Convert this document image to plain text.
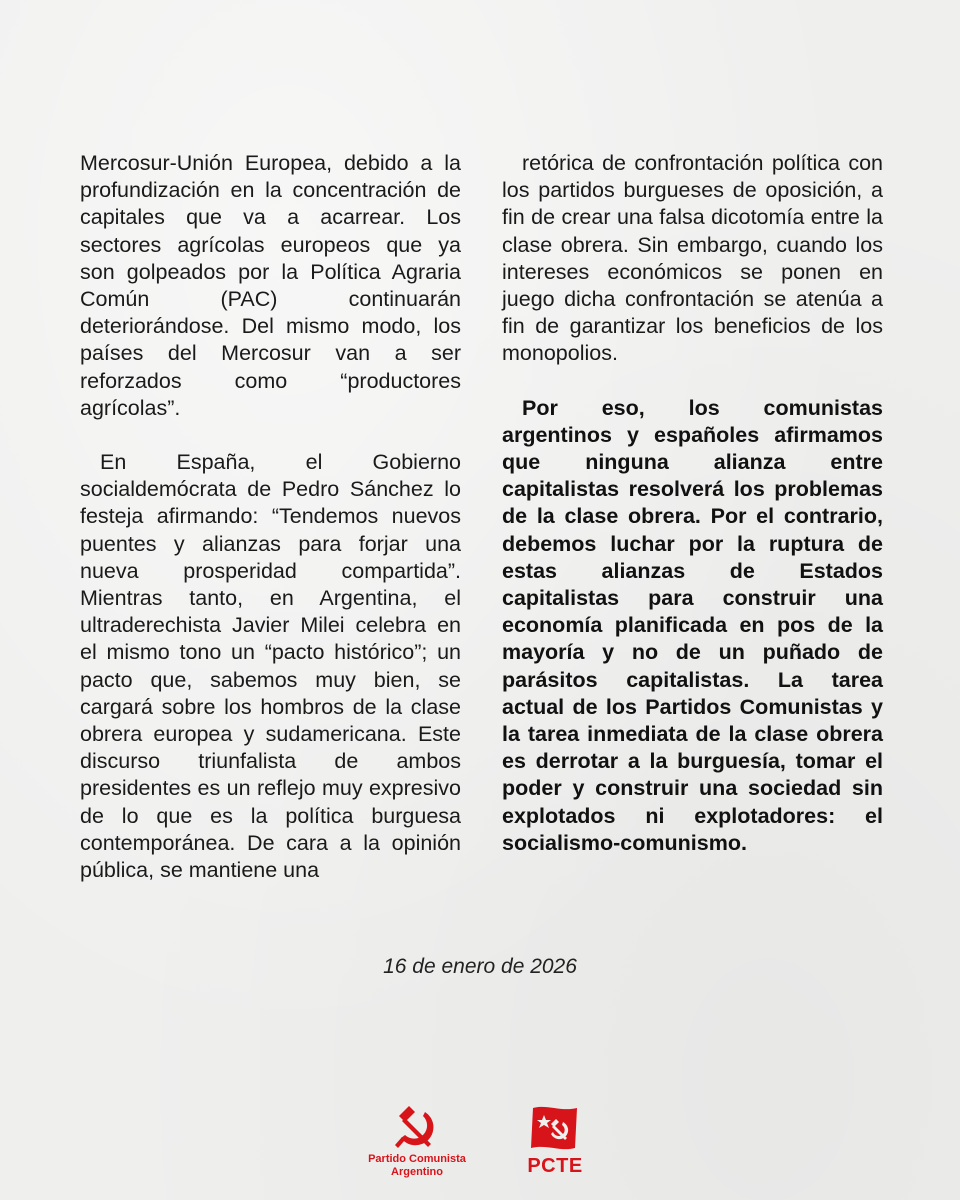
Mercosur-Unión Europea, debido a la profundización en la concentración de capitales que va a acarrear. Los sectores agrícolas europeos que ya son golpeados por la Política Agraria Común (PAC) continuarán deteriorándose. Del mismo modo, los países del Mercosur van a ser reforzados como “productores agrícolas”.

En España, el Gobierno socialdemócrata de Pedro Sánchez lo festeja afirmando: “Tendemos nuevos puentes y alianzas para forjar una nueva prosperidad compartida”. Mientras tanto, en Argentina, el ultraderechista Javier Milei celebra en el mismo tono un “pacto histórico”; un pacto que, sabemos muy bien, se cargará sobre los hombros de la clase obrera europea y sudamericana. Este discurso triunfalista de ambos presidentes es un reflejo muy expresivo de lo que es la política burguesa contemporánea. De cara a la opinión pública, se mantiene una

retórica de confrontación política con los partidos burgueses de oposición, a fin de crear una falsa dicotomía entre la clase obrera. Sin embargo, cuando los intereses económicos se ponen en juego dicha confrontación se atenúa a fin de garantizar los beneficios de los monopolios.

Por eso, los comunistas argentinos y españoles afirmamos que ninguna alianza entre capitalistas resolverá los problemas de la clase obrera. Por el contrario, debemos luchar por la ruptura de estas alianzas de Estados capitalistas para construir una economía planificada en pos de la mayoría y no de un puñado de parásitos capitalistas. La tarea actual de los Partidos Comunistas y la tarea inmediata de la clase obrera es derrotar a la burguesía, tomar el poder y construir una sociedad sin explotados ni explotadores: el socialismo-comunismo.

16 de enero de 2026
Partido Comunista
Argentino	PCTE
